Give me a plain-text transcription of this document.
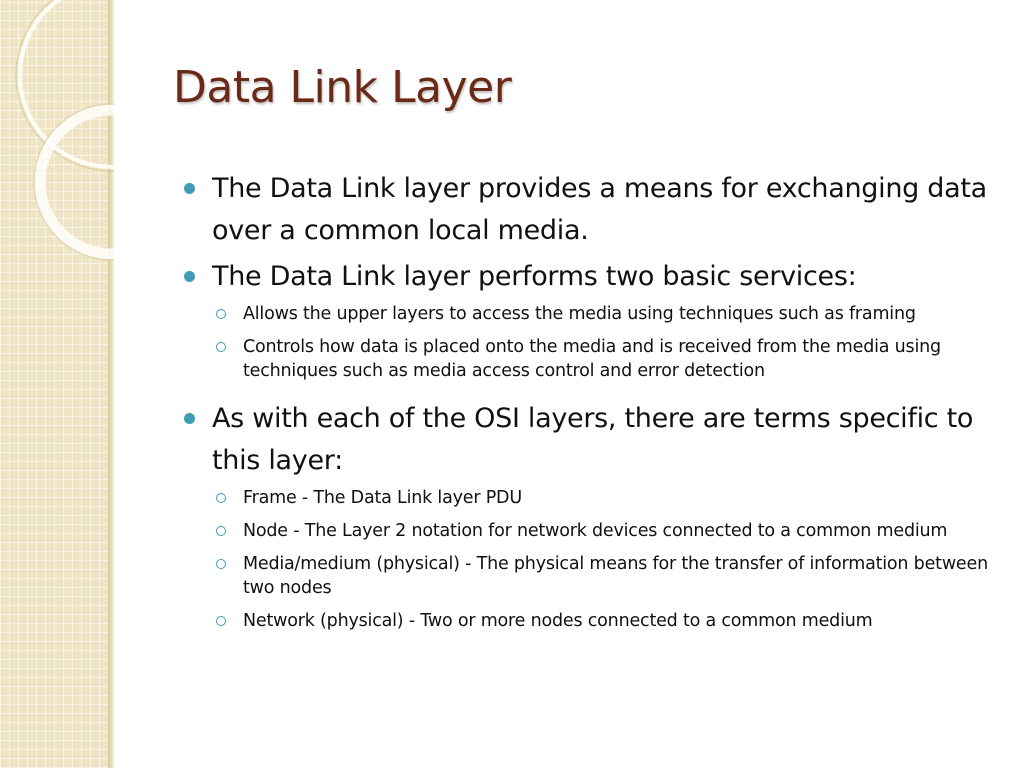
Data Link Layer
The Data Link layer provides a means for exchanging data over a common local media.
The Data Link layer performs two basic services:
Allows the upper layers to access the media using techniques such as framing
Controls how data is placed onto the media and is received from the media using techniques such as media access control and error detection
As with each of the OSI layers, there are terms specific to this layer:
Frame - The Data Link layer PDU
Node - The Layer 2 notation for network devices connected to a common medium
Media/medium (physical) - The physical means for the transfer of information between two nodes
Network (physical) - Two or more nodes connected to a common medium
